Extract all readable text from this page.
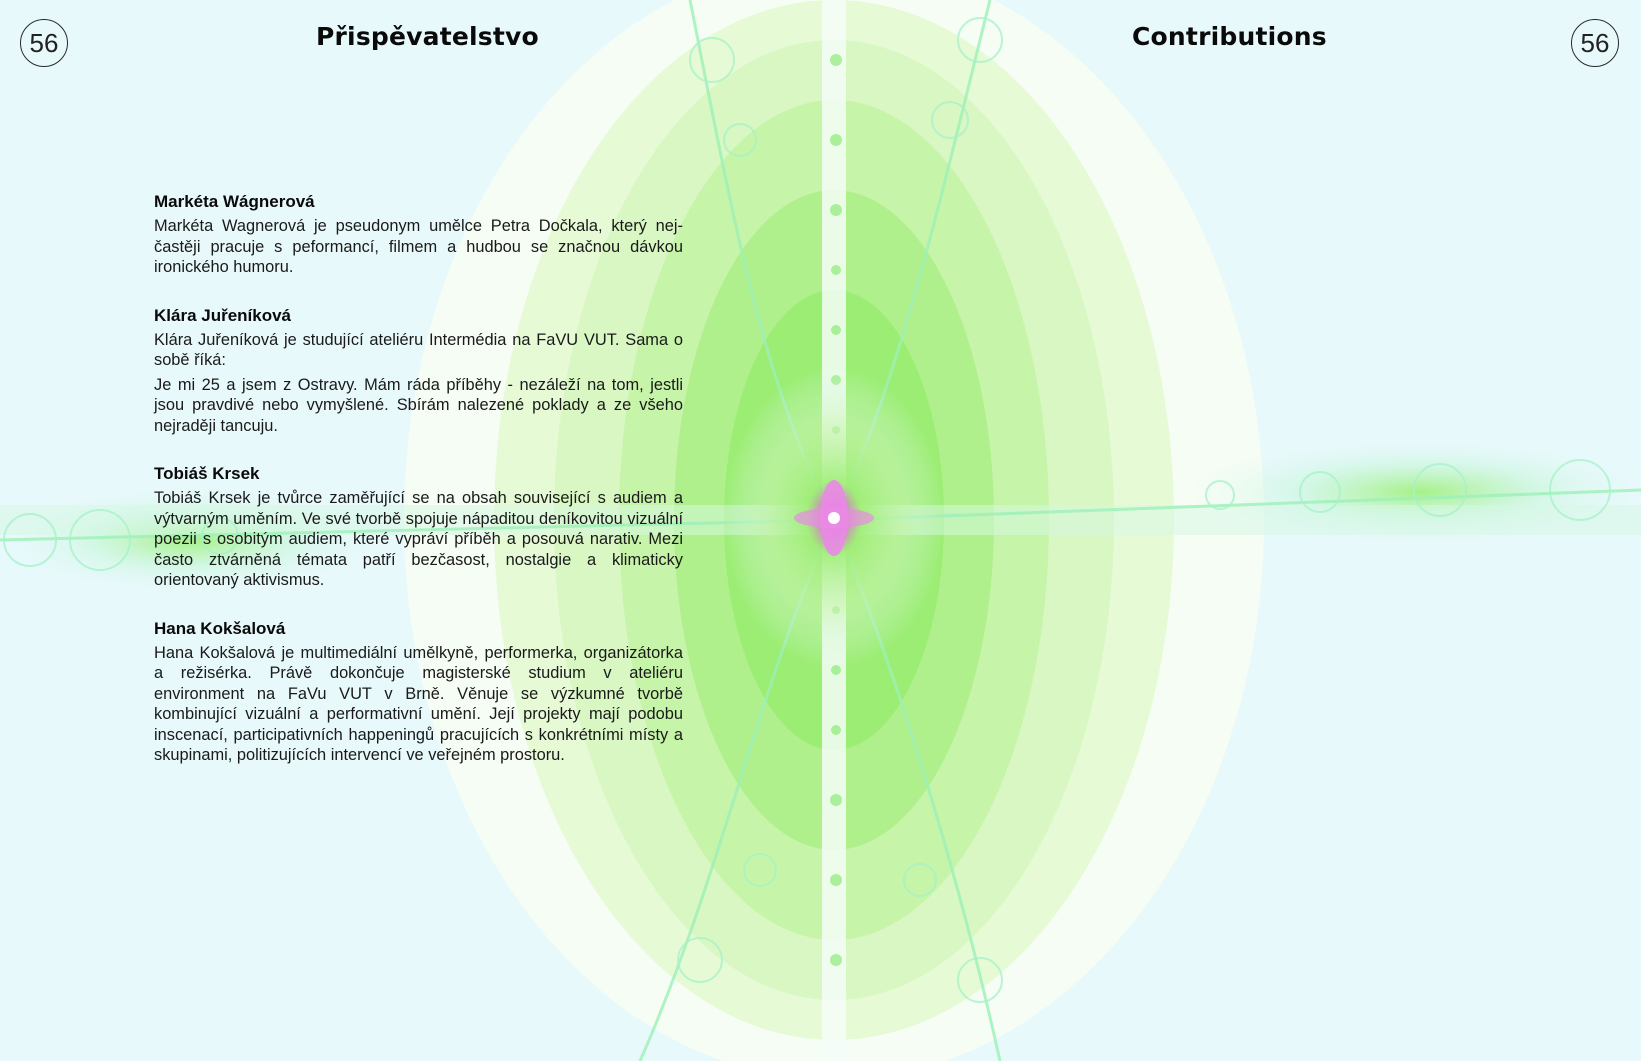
56	56
Přispěvatelstvo	Contributions

Markéta Wágnerová

Markéta Wagnerová je pseudonym umělce Petra Dočkala, který nejčastěji pracuje s peformancí, filmem a hudbou se značnou dávkou ironického humoru.

Klára Juřeníková

Klára Juřeníková je studující ateliéru Intermédia na FaVU VUT. Sama o sobě říká:

Je mi 25 a jsem z Ostravy. Mám ráda příběhy - nezáleží na tom, jestli jsou pravdivé nebo vymyšlené. Sbírám nalezené poklady a ze všeho nejraději tancuju.

Tobiáš Krsek

Tobiáš Krsek je tvůrce zaměřující se na obsah související s audiem a výtvarným uměním. Ve své tvorbě spojuje nápaditou deníkovitou vizuální poezii s osobitým audiem, které vypráví příběh a posouvá narativ. Mezi často ztvárněná témata patří bezčasost, nostalgie a klimaticky orientovaný aktivismus.

Hana Kokšalová

Hana Kokšalová je multimediální umělkyně, performerka, organizátorka a režisérka. Právě dokončuje magisterské studium v ateliéru environment na FaVu VUT v Brně. Věnuje se výzkumné tvorbě kombinující vizuální a performativní umění. Její projekty mají podobu inscenací, participativních happeningů pracujících s konkrétními místy a skupinami, politizujících intervencí ve veřejném prostoru.
